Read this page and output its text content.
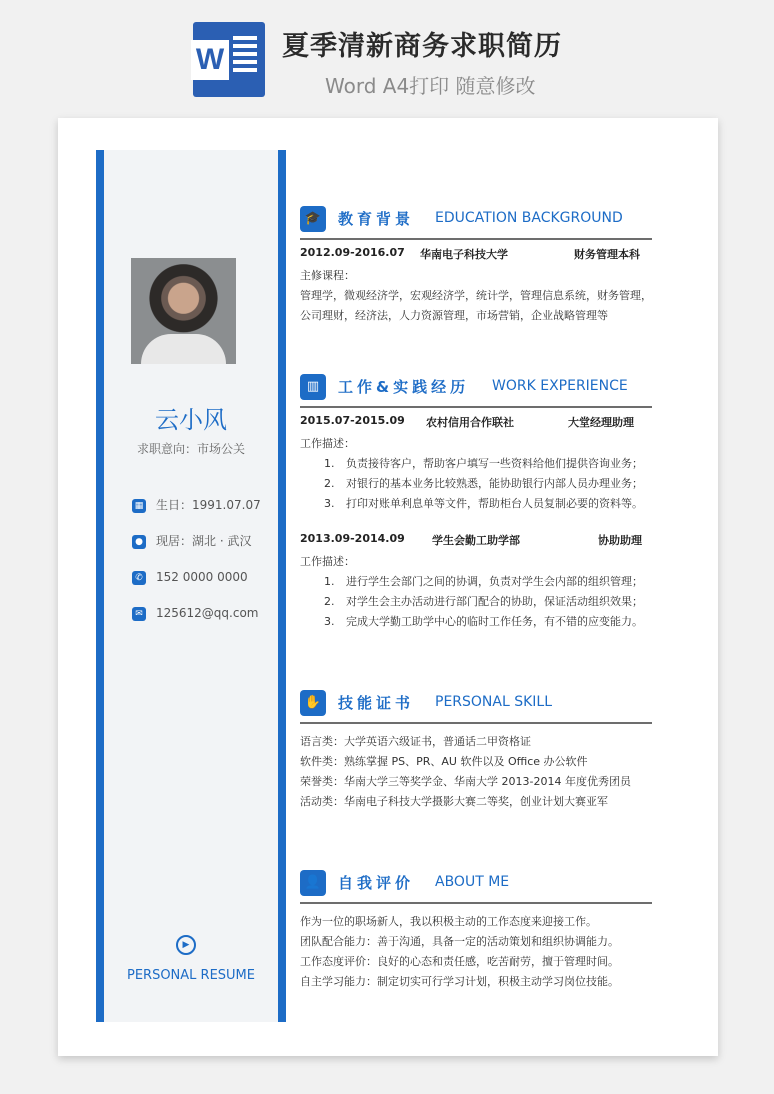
W 夏季清新商务求职简历
Word A4打印 随意修改
云小风
求职意向：市场公关
▦ 生日：1991.07.07
● 现居：湖北 · 武汉
✆ 152 0000 0000
✉ 125612@qq.com
▶
PERSONAL RESUME
🎓	教育背景 EDUCATION BACKGROUND
2012.09-2016.07 华南电子科技大学	财务管理本科
主修课程：
管理学，微观经济学，宏观经济学，统计学，管理信息系统，财务管理，
公司理财，经济法，人力资源管理，市场营销，企业战略管理等
▥	工作&实践经历 WORK EXPERIENCE
2015.07-2015.09 农村信用合作联社	大堂经理助理
工作描述：
1. 负责接待客户，帮助客户填写一些资料给他们提供咨询业务；
2. 对银行的基本业务比较熟悉，能协助银行内部人员办理业务；
3. 打印对账单利息单等文件，帮助柜台人员复制必要的资料等。
2013.09-2014.09 学生会勤工助学部	协助助理
工作描述：
1. 进行学生会部门之间的协调，负责对学生会内部的组织管理；
2. 对学生会主办活动进行部门配合的协助，保证活动组织效果；
3. 完成大学勤工助学中心的临时工作任务，有不错的应变能力。
✋	技能证书 PERSONAL SKILL
语言类：大学英语六级证书，普通话二甲资格证
软件类：熟练掌握 PS、PR、AU 软件以及 Office 办公软件
荣誉类：华南大学三等奖学金、华南大学 2013-2014 年度优秀团员
活动类：华南电子科技大学摄影大赛二等奖，创业计划大赛亚军
👤	自我评价 ABOUT ME
作为一位的职场新人，我以积极主动的工作态度来迎接工作。
团队配合能力：善于沟通，具备一定的活动策划和组织协调能力。
工作态度评价：良好的心态和责任感，吃苦耐劳，擅于管理时间。
自主学习能力：制定切实可行学习计划，积极主动学习岗位技能。
